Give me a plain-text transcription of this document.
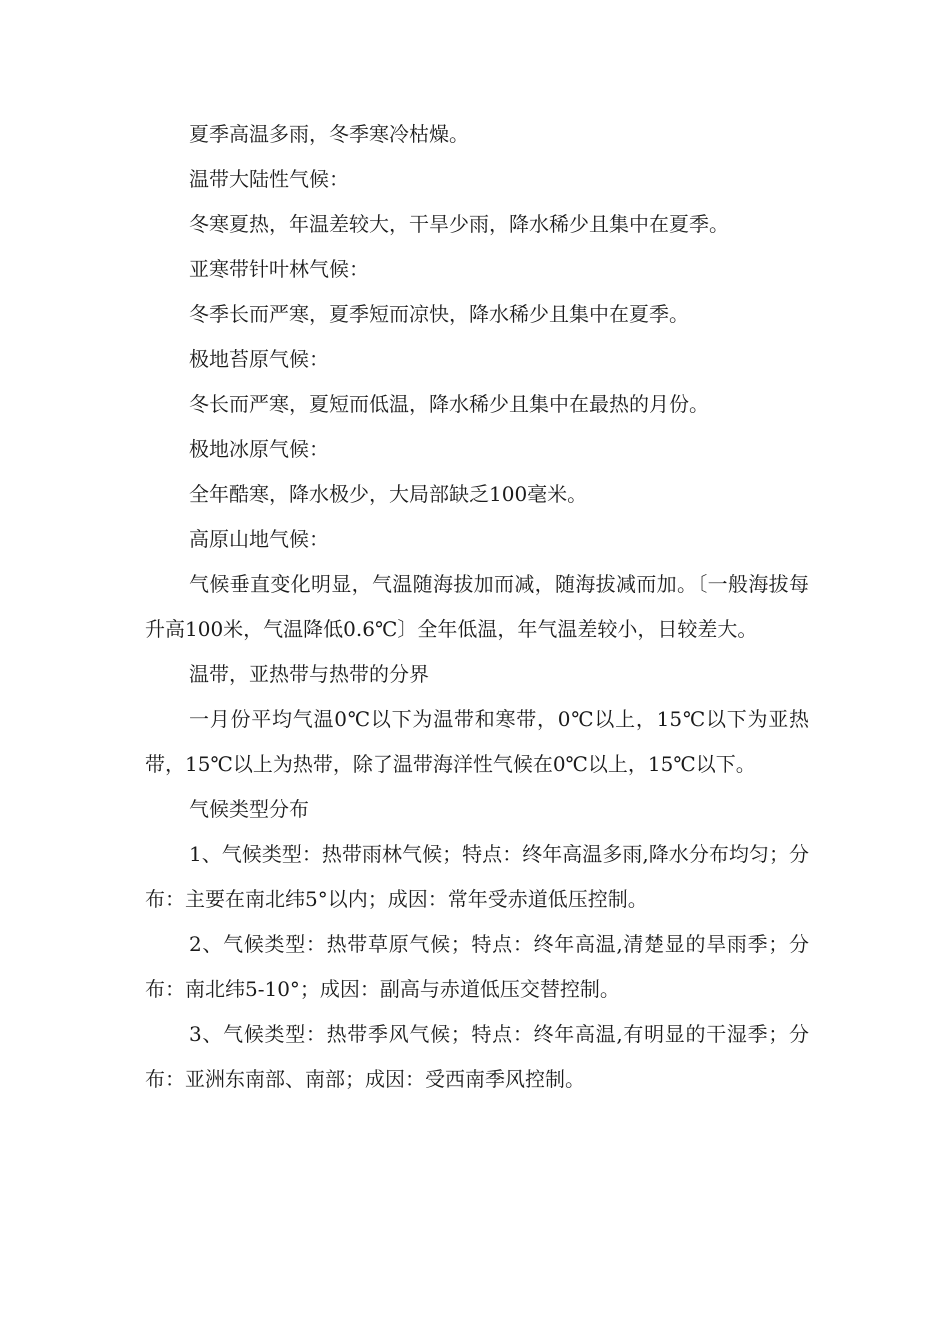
夏季高温多雨，冬季寒冷枯燥。

温带大陆性气候：

冬寒夏热，年温差较大，干旱少雨，降水稀少且集中在夏季。

亚寒带针叶林气候：

冬季长而严寒，夏季短而凉快，降水稀少且集中在夏季。

极地苔原气候：

冬长而严寒，夏短而低温，降水稀少且集中在最热的月份。

极地冰原气候：

全年酷寒，降水极少，大局部缺乏100毫米。

高原山地气候：

气候垂直变化明显，气温随海拔加而减，随海拔减而加。〔一般海拔每升高100米，气温降低0.6℃〕全年低温，年气温差较小，日较差大。

温带，亚热带与热带的分界

一月份平均气温0℃以下为温带和寒带，0℃以上，15℃以下为亚热带，15℃以上为热带，除了温带海洋性气候在0℃以上，15℃以下。

气候类型分布

1、气候类型：热带雨林气候；特点：终年高温多雨,降水分布均匀；分布：主要在南北纬5°以内；成因：常年受赤道低压控制。

2、气候类型：热带草原气候；特点：终年高温,清楚显的旱雨季；分布：南北纬5-10°；成因：副高与赤道低压交替控制。

3、气候类型：热带季风气候；特点：终年高温,有明显的干湿季；分布：亚洲东南部、南部；成因：受西南季风控制。
